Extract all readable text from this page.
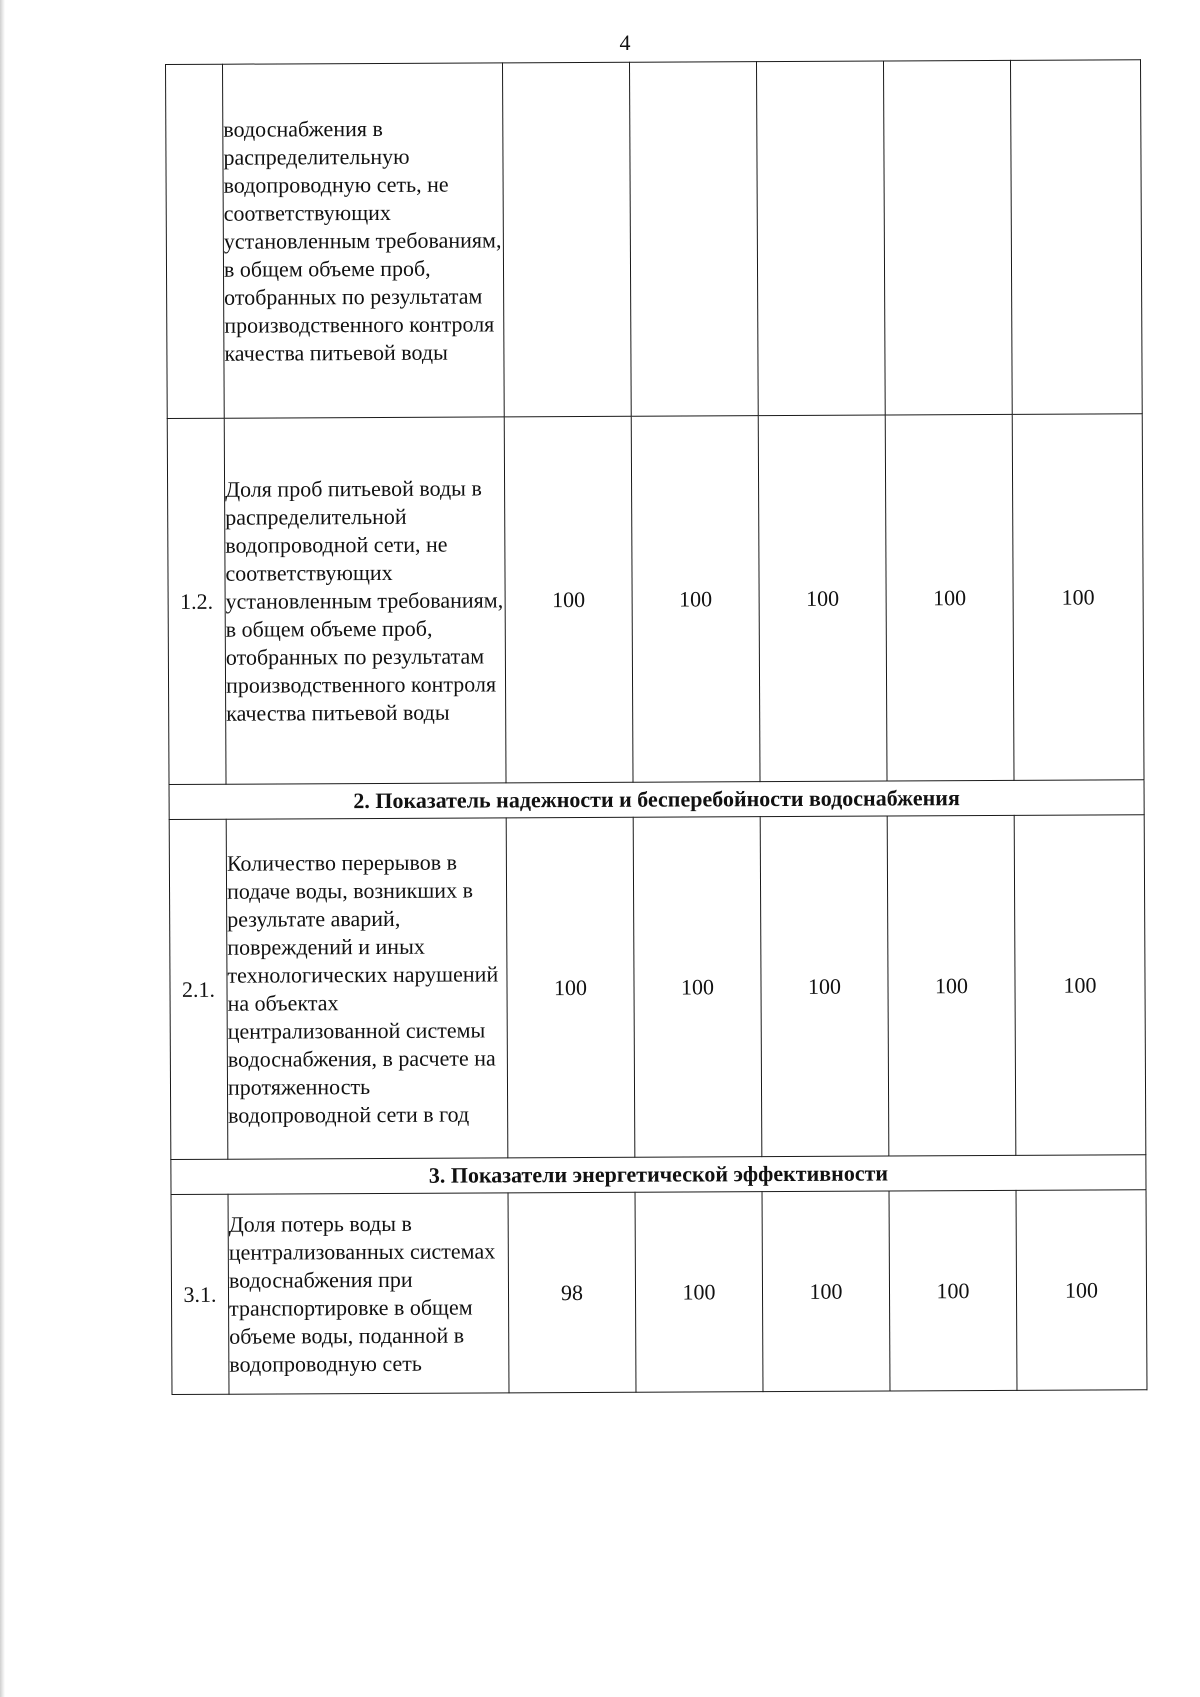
4
	водоснабжения в распределительную водопроводную сеть, не соответствующих установленным требованиям, в общем объеме проб, отобранных по результатам производственного контроля качества питьевой воды					
1.2.	Доля проб питьевой воды в распределительной водопроводной сети, не соответствующих установленным требованиям, в общем объеме проб, отобранных по результатам производственного контроля качества питьевой воды	100	100	100	100	100
2. Показатель надежности и бесперебойности водоснабжения						
2.1.	Количество перерывов в подаче воды, возникших в результате аварий, повреждений и иных технологических нарушений на объектах централизованной системы водоснабжения, в расчете на протяженность водопроводной сети в год	100	100	100	100	100
3. Показатели энергетической эффективности						
3.1.	Доля потерь воды в централизованных системах водоснабжения при транспортировке в общем объеме воды, поданной в водопроводную сеть	98	100	100	100	100
